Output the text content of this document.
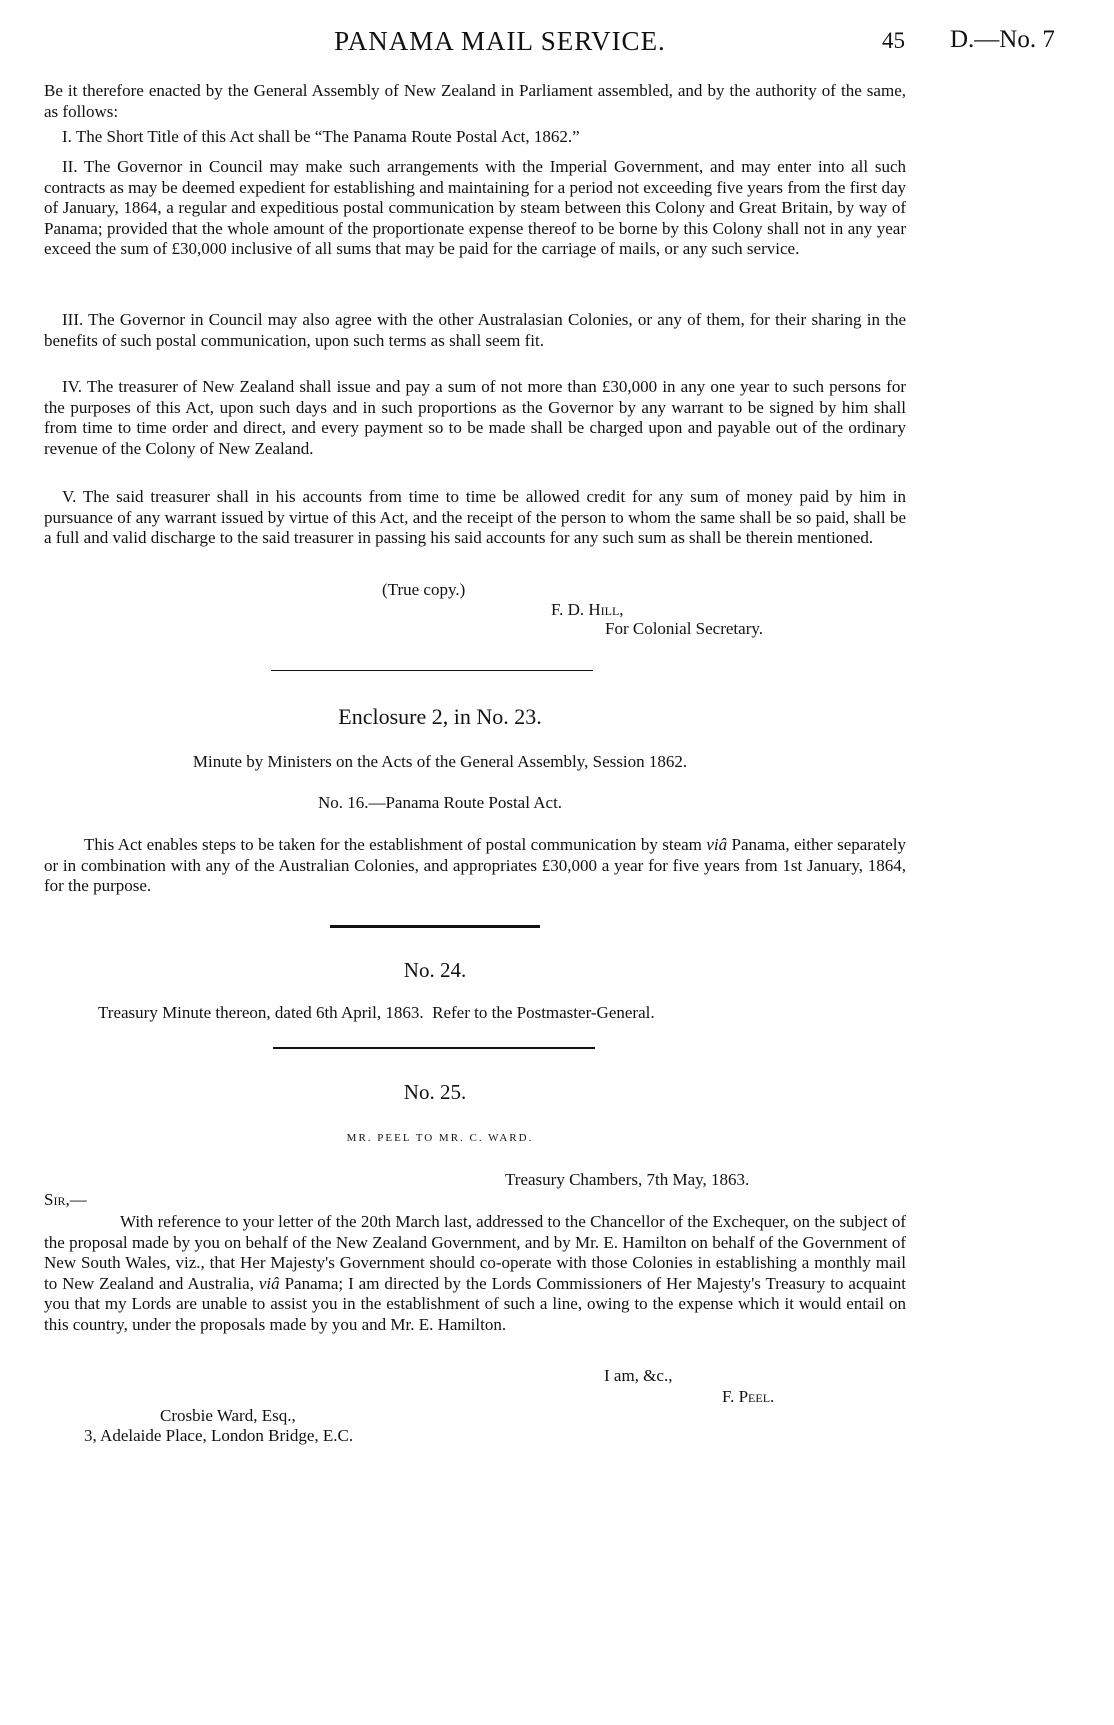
PANAMA MAIL SERVICE.	45 D.—No. 7
Be it therefore enacted by the General Assembly of New Zealand in Parliament assembled, and by the authority of the same, as follows:
I. The Short Title of this Act shall be “The Panama Route Postal Act, 1862.”
II. The Governor in Council may make such arrangements with the Imperial Government, and may enter into all such contracts as may be deemed expedient for establishing and maintaining for a period not exceeding five years from the first day of January, 1864, a regular and expeditious postal communication by steam between this Colony and Great Britain, by way of Panama; provided that the whole amount of the proportionate expense thereof to be borne by this Colony shall not in any year exceed the sum of £30,000 inclusive of all sums that may be paid for the carriage of mails, or any such service.
III. The Governor in Council may also agree with the other Australasian Colonies, or any of them, for their sharing in the benefits of such postal communication, upon such terms as shall seem fit.
IV. The treasurer of New Zealand shall issue and pay a sum of not more than £30,000 in any one year to such persons for the purposes of this Act, upon such days and in such proportions as the Governor by any warrant to be signed by him shall from time to time order and direct, and every payment so to be made shall be charged upon and payable out of the ordinary revenue of the Colony of New Zealand.
V. The said treasurer shall in his accounts from time to time be allowed credit for any sum of money paid by him in pursuance of any warrant issued by virtue of this Act, and the receipt of the person to whom the same shall be so paid, shall be a full and valid discharge to the said treasurer in passing his said accounts for any such sum as shall be therein mentioned.
(True copy.)
F. D. Hill,
For Colonial Secretary.
Enclosure 2, in No. 23.
Minute by Ministers on the Acts of the General Assembly, Session 1862.
No. 16.—Panama Route Postal Act.
This Act enables steps to be taken for the establishment of postal communication by steam viâ Panama, either separately or in combination with any of the Australian Colonies, and appropriates £30,000 a year for five years from 1st January, 1864, for the purpose.
No. 24.
Treasury Minute thereon, dated 6th April, 1863.  Refer to the Postmaster-General.
No. 25.
MR. PEEL TO MR. C. WARD.
Treasury Chambers, 7th May, 1863.
Sir,—
With reference to your letter of the 20th March last, addressed to the Chancellor of the Exchequer, on the subject of the proposal made by you on behalf of the New Zealand Government, and by Mr. E. Hamilton on behalf of the Government of New South Wales, viz., that Her Majesty's Government should co-operate with those Colonies in establishing a monthly mail to New Zealand and Australia, viâ Panama; I am directed by the Lords Commissioners of Her Majesty's Treasury to acquaint you that my Lords are unable to assist you in the establishment of such a line, owing to the expense which it would entail on this country, under the proposals made by you and Mr. E. Hamilton.
I am, &c.,
F. Peel.
Crosbie Ward, Esq.,
3, Adelaide Place, London Bridge, E.C.
